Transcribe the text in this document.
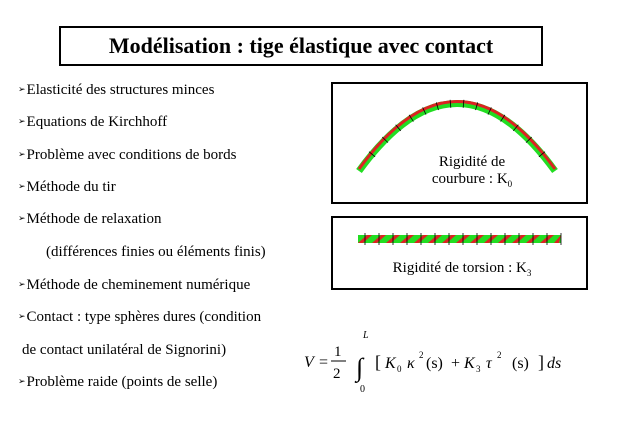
Modélisation : tige élastique avec contact
➢Elasticité des structures minces
➢Equations de Kirchhoff
➢Problème avec conditions de bords
➢Méthode du tir
➢Méthode de relaxation
(différences finies ou éléments finis)
➢Méthode de cheminement numérique
➢Contact : type sphères dures (condition
de contact unilatéral de Signorini)
➢Problème raide (points de selle)
Rigidité de
courbure : $K_0$
Rigidité de torsion : $K_3$
V =
1
2 ∫
L
0
[ K 0 κ 2 (s) + K 3 τ 2 (s) ] ds
